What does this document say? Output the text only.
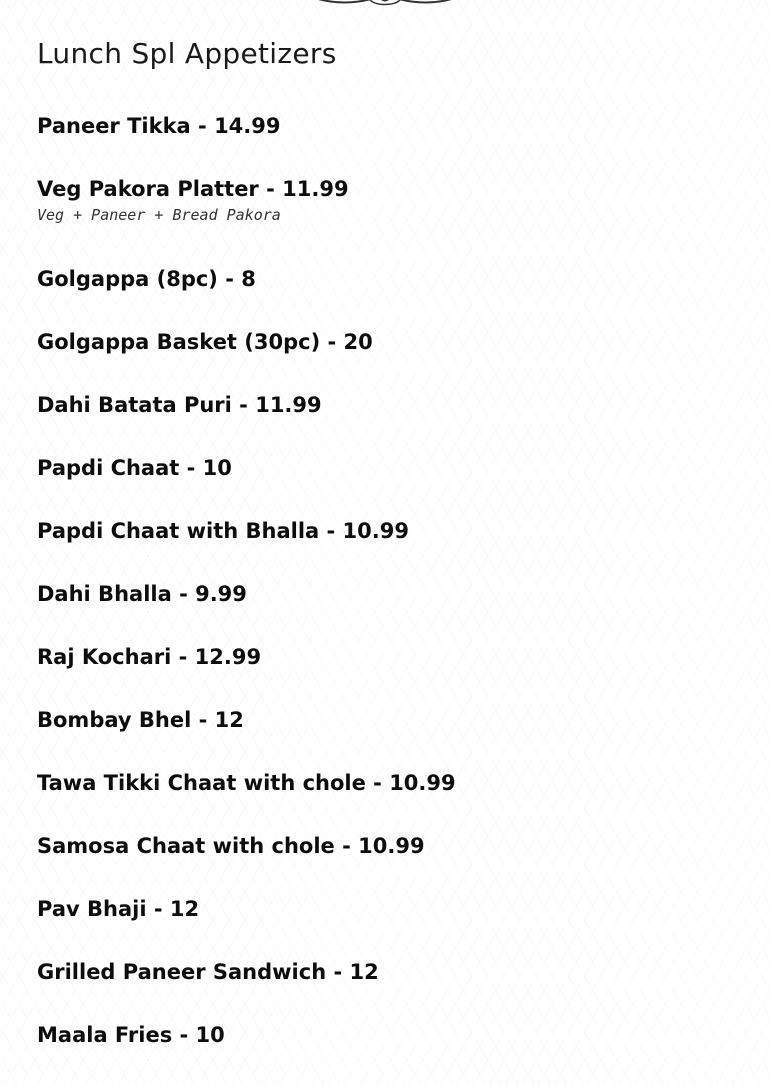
Lunch Spl Appetizers
Paneer Tikka - 14.99
Veg Pakora Platter - 11.99
Veg + Paneer + Bread Pakora
Golgappa (8pc) - 8
Golgappa Basket (30pc) - 20
Dahi Batata Puri - 11.99
Papdi Chaat - 10
Papdi Chaat with Bhalla - 10.99
Dahi Bhalla - 9.99
Raj Kochari - 12.99
Bombay Bhel - 12
Tawa Tikki Chaat with chole - 10.99
Samosa Chaat with chole - 10.99
Pav Bhaji - 12
Grilled Paneer Sandwich - 12
Maala Fries - 10
